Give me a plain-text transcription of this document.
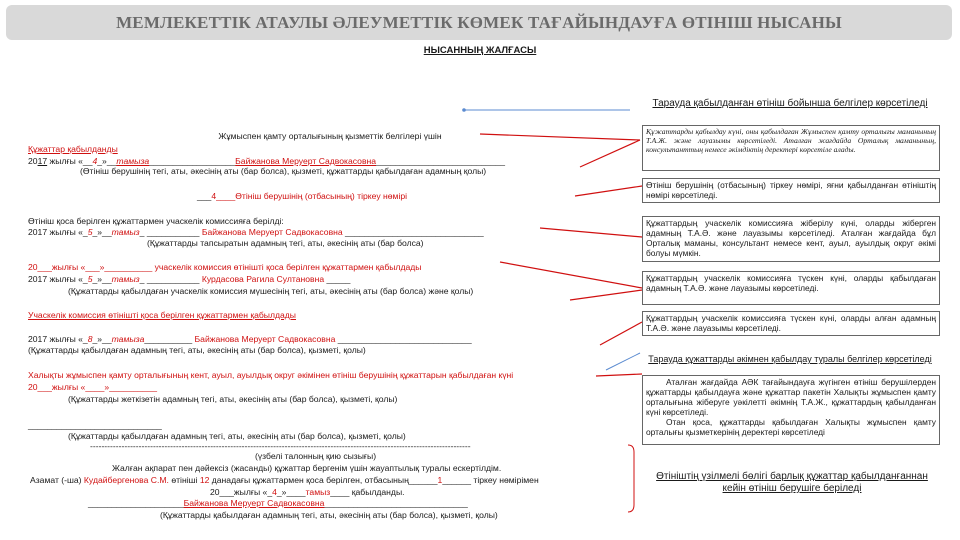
МЕМЛЕКЕТТІК АТАУЛЫ ӘЛЕУМЕТТІК КӨМЕК ТАҒАЙЫНДАУҒА ӨТІНІШ НЫСАНЫ
НЫСАННЫҢ ЖАЛҒАСЫ
Жұмыспен қамту орталығының қызметтік белгілері үшін
Құжаттар қабылданды
2017 жылғы «__4_»__тамыза__________________Байжанова Меруерт Садвокасовна___________________________
(Өтініш берушінің тегі, аты, әкесінің аты (бар болса), қызметі, құжаттарды қабылдаған адамның қолы)
___4____Өтініш берушінің (отбасының) тіркеу нөмірі
Өтініш қоса берілген құжаттармен учаскелік комиссияға берілді:
2017 жылғы «_5_»__тамыз_ ___________ Байжанова Меруерт Садвокасовна _____________________________
(Құжаттарды тапсыратын адамның тегі, аты, әкесінің аты (бар болса)
20___жылғы «___»__________ учаскелік комиссия өтінішті қоса берілген құжаттармен қабылдады
2017 жылғы «_5_»__тамыз_ ___________ Курдасова Рагила Султановна _____
(Құжаттарды қабылдаған учаскелік комиссия мүшесінің тегі, аты, әкесінің аты (бар болса) және қолы)
Учаскелік комиссия өтінішті қоса берілген құжаттармен қабылдады
2017 жылғы «_8_»__тамыза__________ Байжанова Меруерт Садвокасовна ____________________________
(Құжаттарды қабылдаған адамның тегі, аты, әкесінің аты (бар болса), қызметі, қолы)
Халықты жұмыспен қамту орталығының кент, ауыл, ауылдық округ әкімінен өтініш берушінің құжаттарын қабылдаған күні
20___жылғы «____»__________
(Құжаттарды жеткізетін адамның тегі, аты, әкесінің аты (бар болса), қызметі, қолы)
____________________________
(Құжаттарды қабылдаған адамның тегі, аты, әкесінің аты (бар болса), қызметі, қолы)
-------------------------------------------------------------------------------------------------------------------------------------
(үзбелі талонның қию сызығы)
Жалған ақпарат пен дәйексіз (жасанды) құжаттар бергенім үшін жауаптылық туралы ескертілдім.
Азамат (-ша) Кудайбергенова С.М. өтініші 12 данадағы құжаттармен қоса берілген, отбасының______1______ тіркеу нөмірімен
20___жылғы «_4_»____тамыз____ қабылданды.
____________________Байжанова Меруерт Садвокасовна______________________________
(Құжаттарды қабылдаған адамның тегі, аты, әкесінің аты (бар болса), қызметі, қолы)
Тарауда қабылданған өтініш бойынша белгілер көрсетіледі
Құжаттарды қабылдау күні, оны қабылдаған Жұмыспен қамту орталығы маманының Т.А.Ж. және лауазымы көрсетіледі. Аталған жағдайда Орталық маманының, консультанттың немесе әкімдіктің деректері көрсетіле алады.
Өтініш берушінің (отбасының) тіркеу нөмірі, яғни қабылданған өтініштің нөмірі көрсетіледі.
Құжаттардың учаскелік комиссияға жіберілу күні, оларды жіберген адамның Т.А.Ә. және лауазымы көрсетіледі. Аталған жағдайда бұл Орталық маманы, консультант немесе кент, ауыл, ауылдық округ әкімі болуы мүмкін.
Құжаттардың учаскелік комиссияға түскен күні, оларды қабылдаған адамның Т.А.Ә. және лауазымы көрсетіледі.
Құжаттардың учаскелік комиссияға түскен күні, оларды алған адамның Т.А.Ә. және лауазымы көрсетіледі.
Тарауда құжаттарды әкімнен қабылдау туралы белгілер көрсетіледі
Аталған жағдайда АӘК тағайындауға жүгінген өтініш берушілерден құжаттарды қабылдауға және құжаттар пакетін Халықты жұмыспен қамту орталығына жіберуге уәкілетті әкімнің Т.А.Ж., құжаттардың қабылданған күні көрсетіледі.
Отан қоса, құжаттарды қабылдаған Халықты жұмыспен қамту орталығы қызметкерінің деректері көрсетіледі
Өтініштің үзілмелі бөлігі барлық құжаттар қабылданғаннан кейін өтініш берушіге беріледі
